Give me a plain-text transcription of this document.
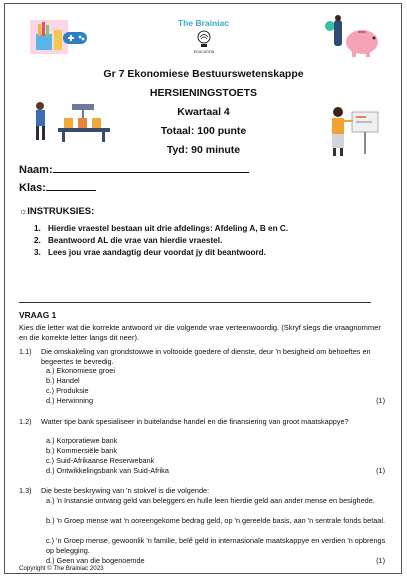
The Brainiac
EDUCATION
Gr 7 Ekonomiese Bestuurswetenskappe
HERSIENINGSTOETS
Kwartaal 4
Totaal: 100 punte
Tyd: 90 minute
Naam:
Klas:
☼INSTRUKSIES:
1. Hierdie vraestel bestaan uit drie afdelings: Afdeling A, B en C.
2. Beantwoord AL die vrae van hierdie vraestel.
3. Lees jou vrae aandagtig deur voordat jy dit beantwoord.
VRAAG 1
Kies die letter wat die korrekte antwoord vir die volgende vrae verteenwoordig. (Skryf slegs die vraagnommer en die korrekte letter langs dit neer).
1.1) Die omskakeling van grondstowwe in voltooide goedere of dienste, deur 'n besigheid om behoeftes en begeertes te bevredig.
a.) Ekonomiese groei
b.) Handel
c.) Produksie
d.) Herwinning	(1)
1.2) Watter tipe bank spesialiseer in buitelandse handel en die finansiering van groot maatskappye?
a.) Korporatiewe bank
b.) Kommersiële bank
c.) Suid-Afrikaanse Reserwebank
d.) Ontwikkelingsbank van Suid-Afrika	(1)
1.3) Die beste beskrywing van 'n stokvel is die volgende:
a.) 'n Instansie ontvang geld van beleggers en hulle leen hierdie geld aan ander mense en besighede.
b.) 'n Groep mense wat 'n ooreengekome bedrag geld, op 'n gereelde basis, aan 'n sentrale fonds betaal.
c.) 'n Groep mense, gewoonlik 'n familie, belê geld in internasionale maatskappye en verdien 'n opbrengs op belegging.
d.) Geen van die bogenoemde	(1)
Copyright © The Brainiac 2023
